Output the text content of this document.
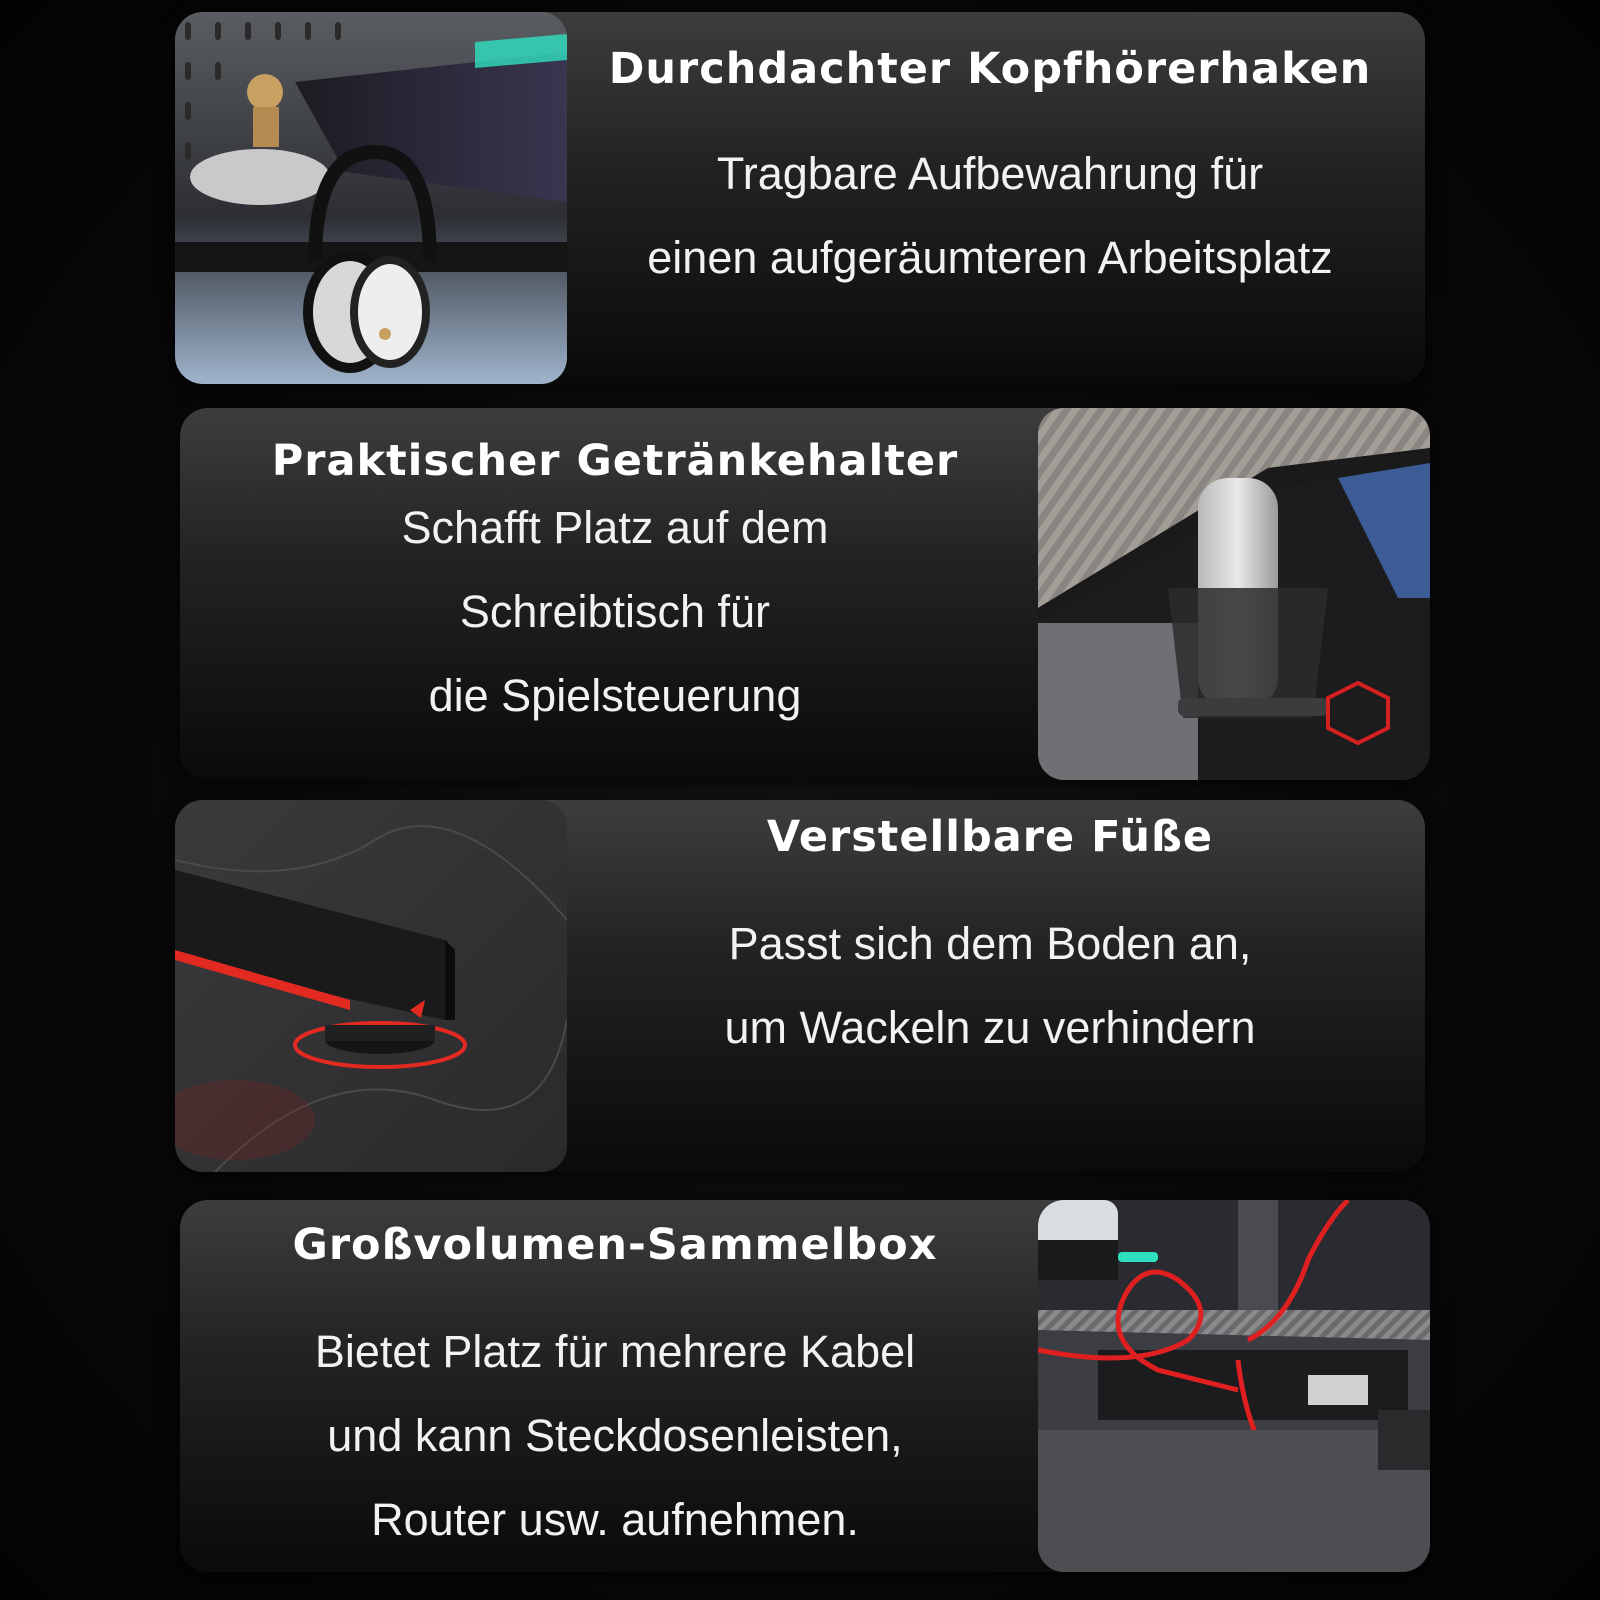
Durchdachter Kopfhörerhaken

Tragbare Aufbewahrung für

einen aufgeräumteren Arbeitsplatz

Praktischer Getränkehalter

Schafft Platz auf dem

Schreibtisch für

die Spielsteuerung

Verstellbare Füße

Passt sich dem Boden an,

um Wackeln zu verhindern

Großvolumen-Sammelbox

Bietet Platz für mehrere Kabel

und kann Steckdosenleisten,

Router usw. aufnehmen.
